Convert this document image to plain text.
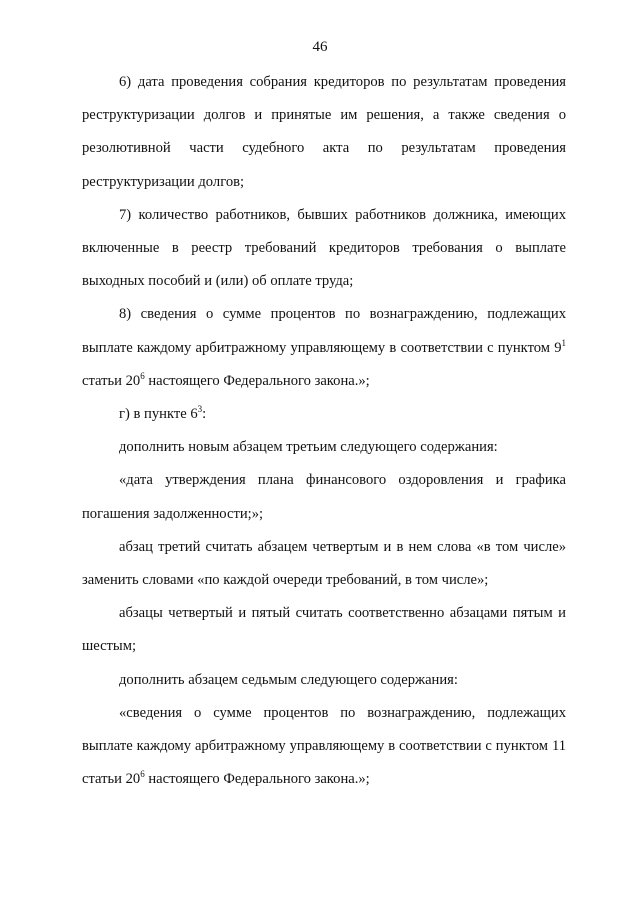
46

6) дата проведения собрания кредиторов по результатам проведения реструктуризации долгов и принятые им решения, а также сведения о резолютивной части судебного акта по результатам проведения реструктуризации долгов;

7) количество работников, бывших работников должника, имеющих включенные в реестр требований кредиторов требования о выплате выходных пособий и (или) об оплате труда;

8) сведения о сумме процентов по вознаграждению, подлежащих выплате каждому арбитражному управляющему в соответствии с пунктом $9^1$ статьи $20^6$ настоящего Федерального закона.»;

г) в пункте $6^3$:

дополнить новым абзацем третьим следующего содержания:

«дата утверждения плана финансового оздоровления и графика погашения задолженности;»;

абзац третий считать абзацем четвертым и в нем слова «в том числе» заменить словами «по каждой очереди требований, в том числе»;

абзацы четвертый и пятый считать соответственно абзацами пятым и шестым;

дополнить абзацем седьмым следующего содержания:

«сведения о сумме процентов по вознаграждению, подлежащих выплате каждому арбитражному управляющему в соответствии с пунктом 11 статьи $20^6$ настоящего Федерального закона.»;
